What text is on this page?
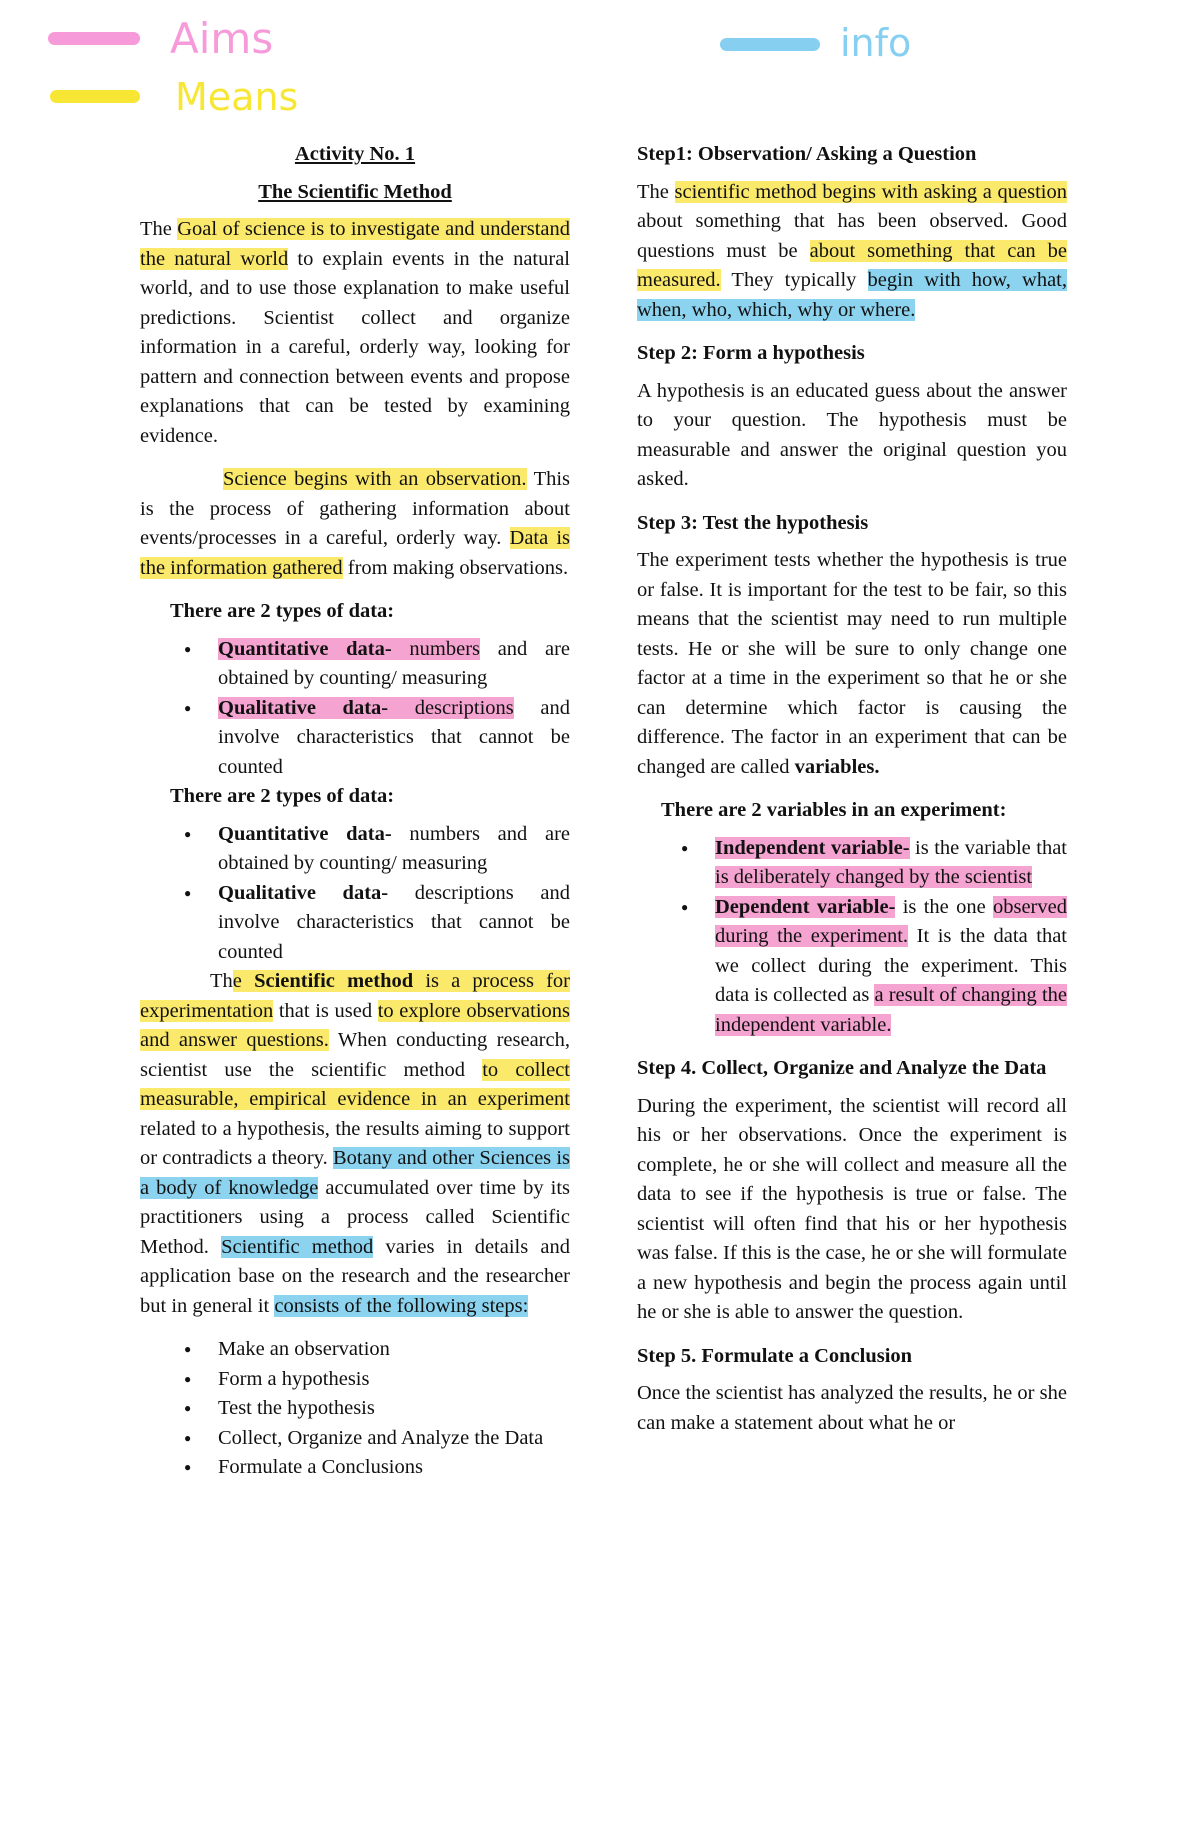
Aims
Means
info

Activity No. 1

The Scientific Method

The Goal of science is to investigate and understand the natural world to explain events in the natural world, and to use those explanation to make useful predictions. Scientist collect and organize information in a careful, orderly way, looking for pattern and connection between events and propose explanations that can be tested by examining evidence.

Science begins with an observation. This is the process of gathering information about events/processes in a careful, orderly way. Data is the information gathered from making observations.

There are 2 types of data:

● Quantitative data- numbers and are obtained by counting/ measuring
● Qualitative data- descriptions and involve characteristics that cannot be counted

There are 2 types of data:

● Quantitative data- numbers and are obtained by counting/ measuring
● Qualitative data- descriptions and involve characteristics that cannot be counted

The Scientific method is a process for experimentation that is used to explore observations and answer questions. When conducting research, scientist use the scientific method to collect measurable, empirical evidence in an experiment related to a hypothesis, the results aiming to support or contradicts a theory. Botany and other Sciences is a body of knowledge accumulated over time by its practitioners using a process called Scientific Method. Scientific method varies in details and application base on the research and the researcher but in general it consists of the following steps:

● Make an observation
● Form a hypothesis
● Test the hypothesis
● Collect, Organize and Analyze the Data
● Formulate a Conclusions

Step1: Observation/ Asking a Question

The scientific method begins with asking a question about something that has been observed. Good questions must be about something that can be measured. They typically begin with how, what, when, who, which, why or where.

Step 2: Form a hypothesis

A hypothesis is an educated guess about the answer to your question. The hypothesis must be measurable and answer the original question you asked.

Step 3: Test the hypothesis

The experiment tests whether the hypothesis is true or false. It is important for the test to be fair, so this means that the scientist may need to run multiple tests. He or she will be sure to only change one factor at a time in the experiment so that he or she can determine which factor is causing the difference. The factor in an experiment that can be changed are called variables.

There are 2 variables in an experiment:

● Independent variable- is the variable that is deliberately changed by the scientist
● Dependent variable- is the one observed during the experiment. It is the data that we collect during the experiment. This data is collected as a result of changing the independent variable.

Step 4. Collect, Organize and Analyze the Data

During the experiment, the scientist will record all his or her observations. Once the experiment is complete, he or she will collect and measure all the data to see if the hypothesis is true or false. The scientist will often find that his or her hypothesis was false. If this is the case, he or she will formulate a new hypothesis and begin the process again until he or she is able to answer the question.

Step 5. Formulate a Conclusion

Once the scientist has analyzed the results, he or she can make a statement about what he or
